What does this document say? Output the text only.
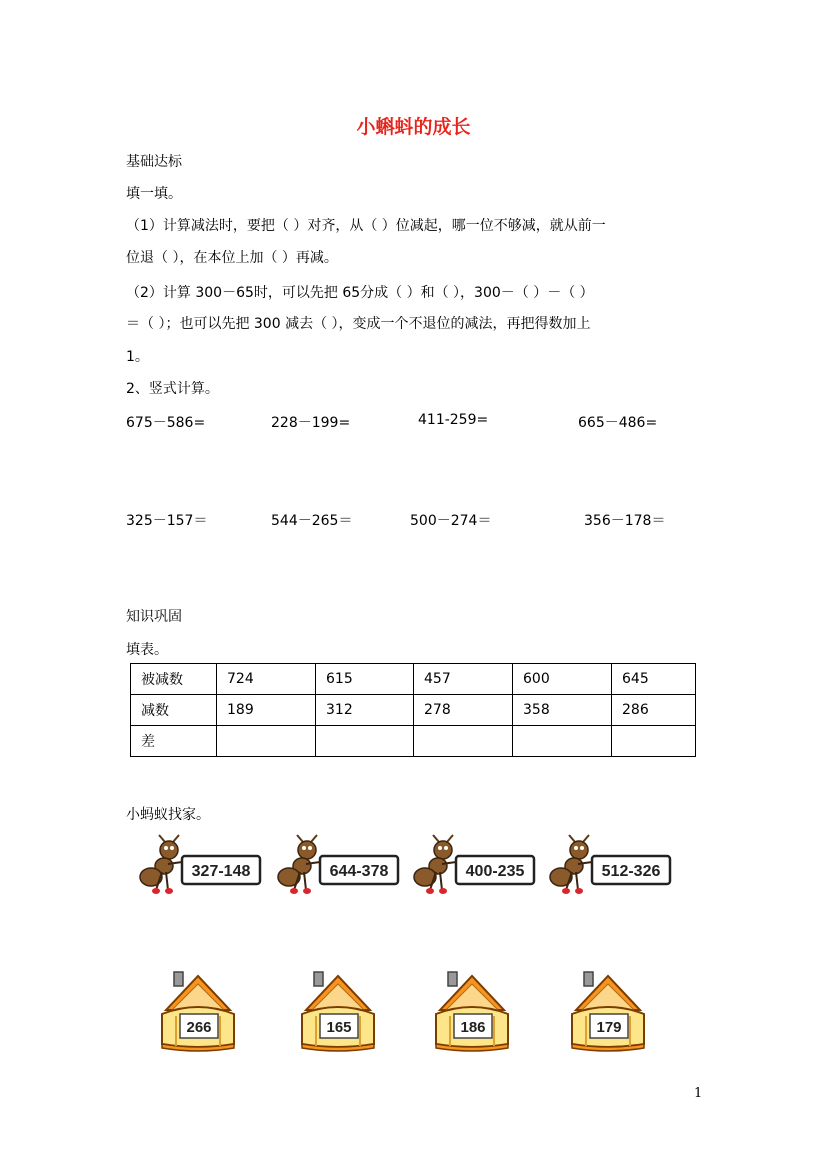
小蝌蚪的成长
基础达标
填一填。
（1）计算减法时，要把（ ）对齐，从（ ）位减起，哪一位不够减，就从前一
位退（ ），在本位上加（ ）再减。
（2）计算 300－65时，可以先把 65分成（ ）和（ ），300－（ ）－（ ）
＝（ ）；也可以先把 300 减去（ ），变成一个不退位的减法，再把得数加上
1。
2、竖式计算。
675－586=	228－199=	411-259=	665－486=
325－157＝	544－265＝	500－274＝	356－178＝
知识巩固
填表。
被减数	724	615	457	600	645
减数	189	312	278	358	286
差					
小蚂蚁找家。
327-148	644-378	400-235	512-326
266	165	186	179
1
